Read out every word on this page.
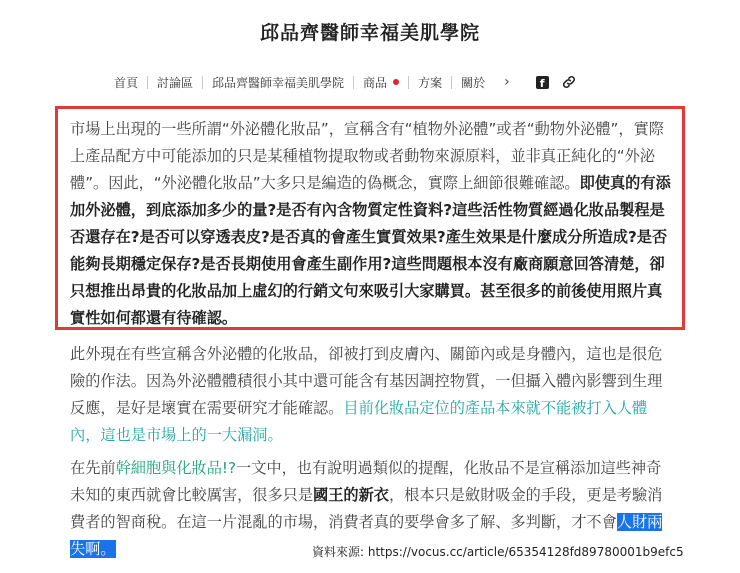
邱品齊醫師幸福美肌學院
首頁	討論區	邱品齊醫師幸福美肌學院	商品	方案	關於	›	f

市場上出現的一些所謂“外泌體化妝品”，宣稱含有“植物外泌體”或者“動物外泌體”，實際上產品配方中可能添加的只是某種植物提取物或者動物來源原料，並非真正純化的“外泌體”。因此，“外泌體化妝品”大多只是編造的偽概念，實際上細節很難確認。即使真的有添加外泌體，到底添加多少的量?是否有內含物質定性資料?這些活性物質經過化妝品製程是否還存在?是否可以穿透表皮?是否真的會產生實質效果?產生效果是什麼成分所造成?是否能夠長期穩定保存?是否長期使用會產生副作用?這些問題根本沒有廠商願意回答清楚，卻只想推出昂貴的化妝品加上虛幻的行銷文句來吸引大家購買。甚至很多的前後使用照片真實性如何都還有待確認。

此外現在有些宣稱含外泌體的化妝品，卻被打到皮膚內、關節內或是身體內，這也是很危險的作法。因為外泌體體積很小其中還可能含有基因調控物質，一但攝入體內影響到生理反應，是好是壞實在需要研究才能確認。目前化妝品定位的產品本來就不能被打入人體內，這也是市場上的一大漏洞。

在先前幹細胞與化妝品!?一文中，也有說明過類似的提醒，化妝品不是宣稱添加這些神奇未知的東西就會比較厲害，很多只是國王的新衣，根本只是斂財吸金的手段，更是考驗消費者的智商稅。在這一片混亂的市場，消費者真的要學會多了解、多判斷，才不會人財兩失啊。	資料來源: https://vocus.cc/article/65354128fd89780001b9efc5
